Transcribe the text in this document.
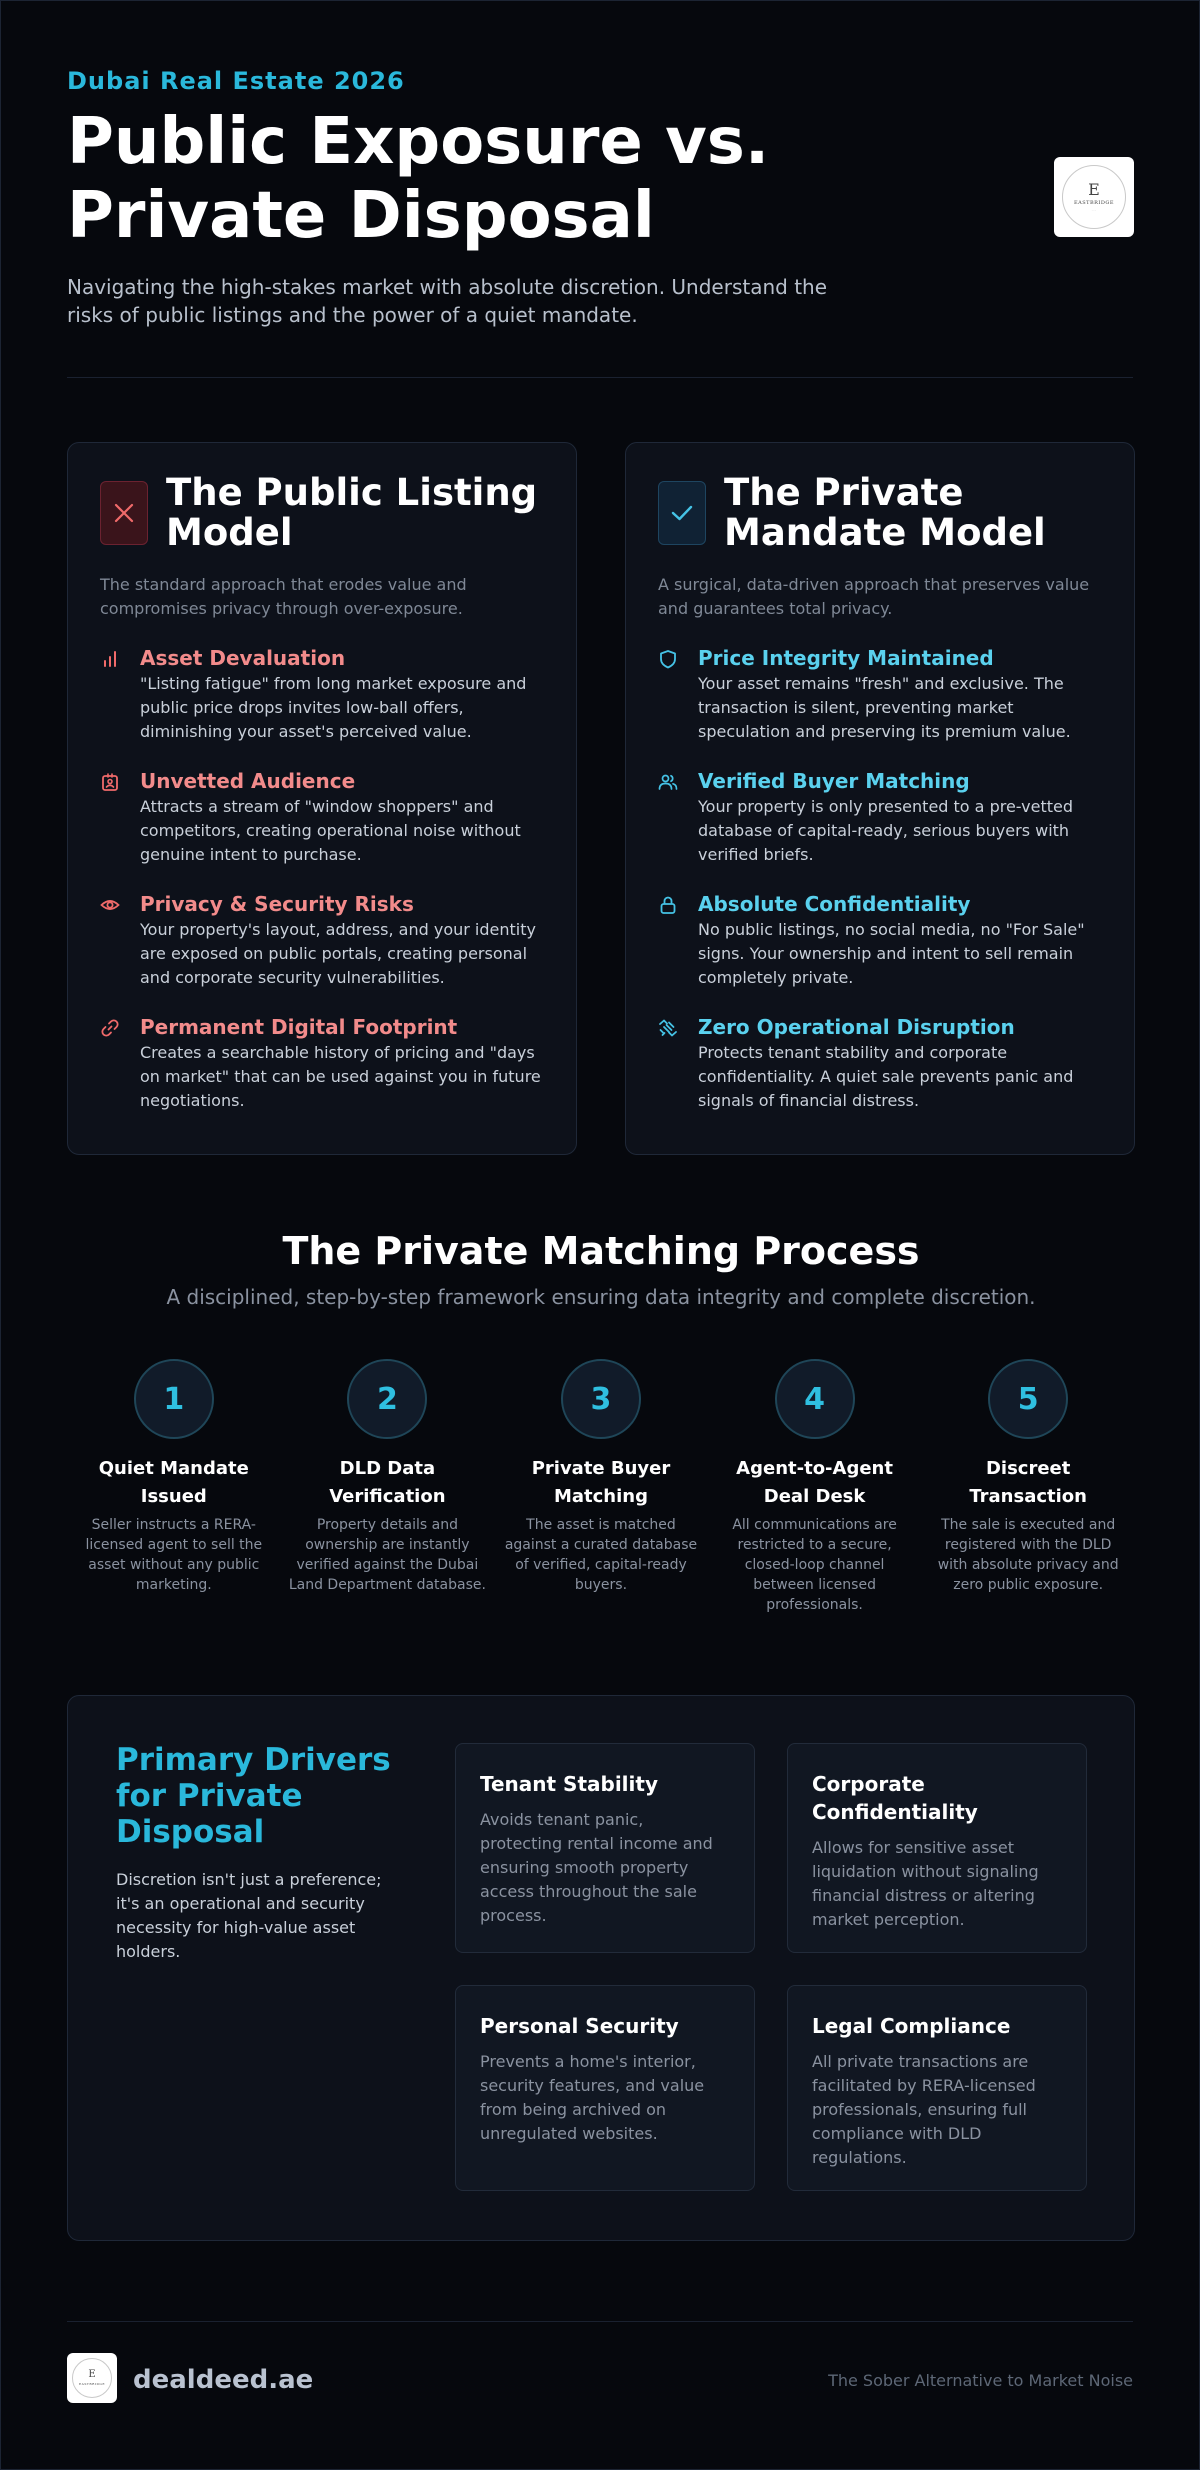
Dubai Real Estate 2026
Public Exposure vs. Private Disposal

Navigating the high-stakes market with absolute discretion. Understand the risks of public listings and the power of a quiet mandate.

E
EASTBRIDGE
· · ·
The Public Listing Model

The standard approach that erodes value and compromises privacy through over-exposure.

Asset Devaluation
"Listing fatigue" from long market exposure and public price drops invites low-ball offers, diminishing your asset's perceived value.
Unvetted Audience
Attracts a stream of "window shoppers" and competitors, creating operational noise without genuine intent to purchase.
Privacy & Security Risks
Your property's layout, address, and your identity are exposed on public portals, creating personal and corporate security vulnerabilities.
Permanent Digital Footprint
Creates a searchable history of pricing and "days on market" that can be used against you in future negotiations.
The Private Mandate Model

A surgical, data-driven approach that preserves value and guarantees total privacy.

Price Integrity Maintained
Your asset remains "fresh" and exclusive. The transaction is silent, preventing market speculation and preserving its premium value.
Verified Buyer Matching
Your property is only presented to a pre-vetted database of capital-ready, serious buyers with verified briefs.
Absolute Confidentiality
No public listings, no social media, no "For Sale" signs. Your ownership and intent to sell remain completely private.
Zero Operational Disruption
Protects tenant stability and corporate confidentiality. A quiet sale prevents panic and signals of financial distress.
The Private Matching Process

A disciplined, step-by-step framework ensuring data integrity and complete discretion.

1
Quiet Mandate Issued
Seller instructs a RERA-licensed agent to sell the asset without any public marketing.
2
DLD Data Verification
Property details and ownership are instantly verified against the Dubai Land Department database.
3
Private Buyer Matching
The asset is matched against a curated database of verified, capital-ready buyers.
4
Agent-to-Agent Deal Desk
All communications are restricted to a secure, closed-loop channel between licensed professionals.
5
Discreet Transaction
The sale is executed and registered with the DLD with absolute privacy and zero public exposure.
Primary Drivers for Private Disposal

Discretion isn't just a preference; it's an operational and security necessity for high-value asset holders.

Tenant Stability
Avoids tenant panic, protecting rental income and ensuring smooth property access throughout the sale process.
Corporate Confidentiality
Allows for sensitive asset liquidation without signaling financial distress or altering market perception.
Personal Security
Prevents a home's interior, security features, and value from being archived on unregulated websites.
Legal Compliance
All private transactions are facilitated by RERA-licensed professionals, ensuring full compliance with DLD regulations.
E
EASTBRIDGE dealdeed.ae	The Sober Alternative to Market Noise
